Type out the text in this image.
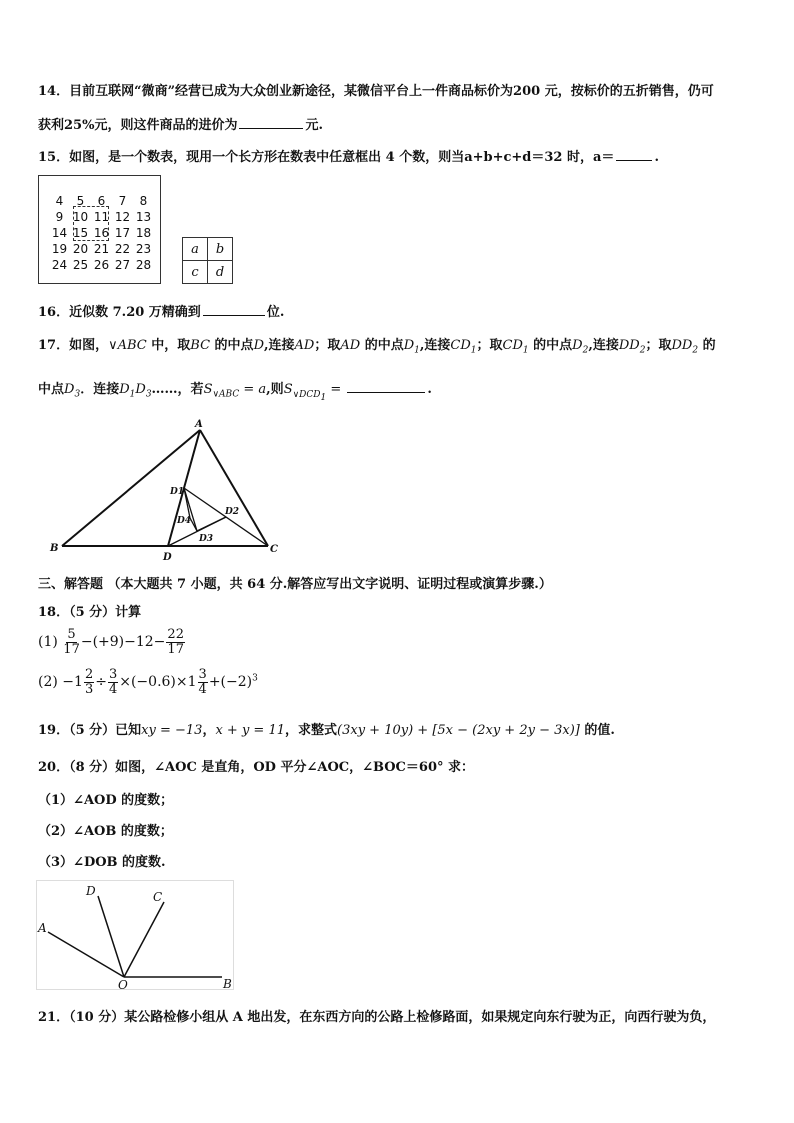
14．目前互联网“微商”经营已成为大众创业新途径，某微信平台上一件商品标价为200 元，按标价的五折销售，仍可
获利25%元，则这件商品的进价为	元.
15．如图，是一个数表，现用一个长方形在数表中任意框出 4 个数，则当a+b+c+d＝32 时，a＝	.
4	5	6	7	8
9 10 11 12 13
14 15 16 17 18
19 20 21 22 23
24 25 26 27 28
a	b
c	d
16．近似数 7.20 万精确到	位.
17．如图，∨ABC 中，取BC 的中点D,连接AD；取AD 的中点$D_1$,连接$CD_1$；取$CD_1$ 的中点$D_2$,连接$DD_2$；取$DD_2$ 的
中点$D_3$．连接$D_1D_3\dots\dots$，若$S_{\vee ABC} = a$,则$S_{\vee DCD_1}$ =	.
A
B	C
D
D1
D2
D3
D4
三、解答题 （本大题共 7 小题，共 64 分.解答应写出文字说明、证明过程或演算步骤.）
18．（5 分）计算
$(1) \frac{5}{17} -(+9)-12- \frac{22}{17}$
$(2) -1 \frac{2}{3} \div \frac{3}{4} \times(-0.6)\times 1 \frac{3}{4} +(-2)^3$
19．（5 分）已知xy = −13，x + y = 11，求整式(3xy + 10y) + [5x − (2xy + 2y − 3x)] 的值.
20．（8 分）如图，∠AOC 是直角，OD 平分∠AOC，∠BOC＝60° 求：
（1）∠AOD 的度数；
（2）∠AOB 的度数；
（3）∠DOB 的度数.
A
B
C
D
O
21．（10 分）某公路检修小组从 A 地出发，在东西方向的公路上检修路面，如果规定向东行驶为正，向西行驶为负，
